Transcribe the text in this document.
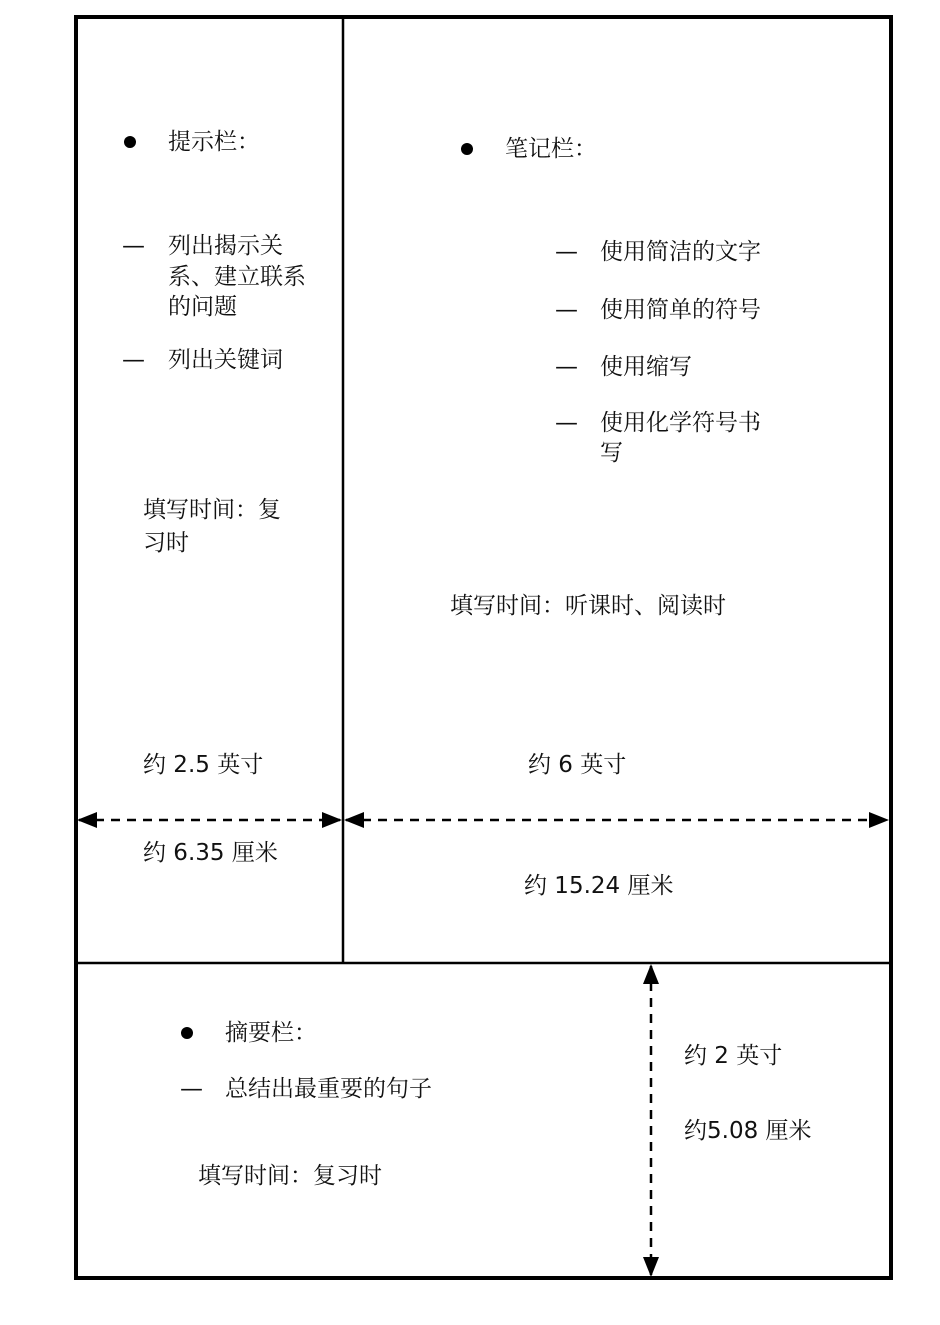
提示栏：
— 列出揭示关
系、建立联系
的问题
— 列出关键词
填写时间：复
习时
约 2.5 英寸
约 6.35 厘米
笔记栏：
— 使用简洁的文字
— 使用简单的符号
— 使用缩写
— 使用化学符号书
写
填写时间：听课时、阅读时
约 6 英寸
约 15.24 厘米
摘要栏：
— 总结出最重要的句子
填写时间：复习时
约 2 英寸
约5.08 厘米
